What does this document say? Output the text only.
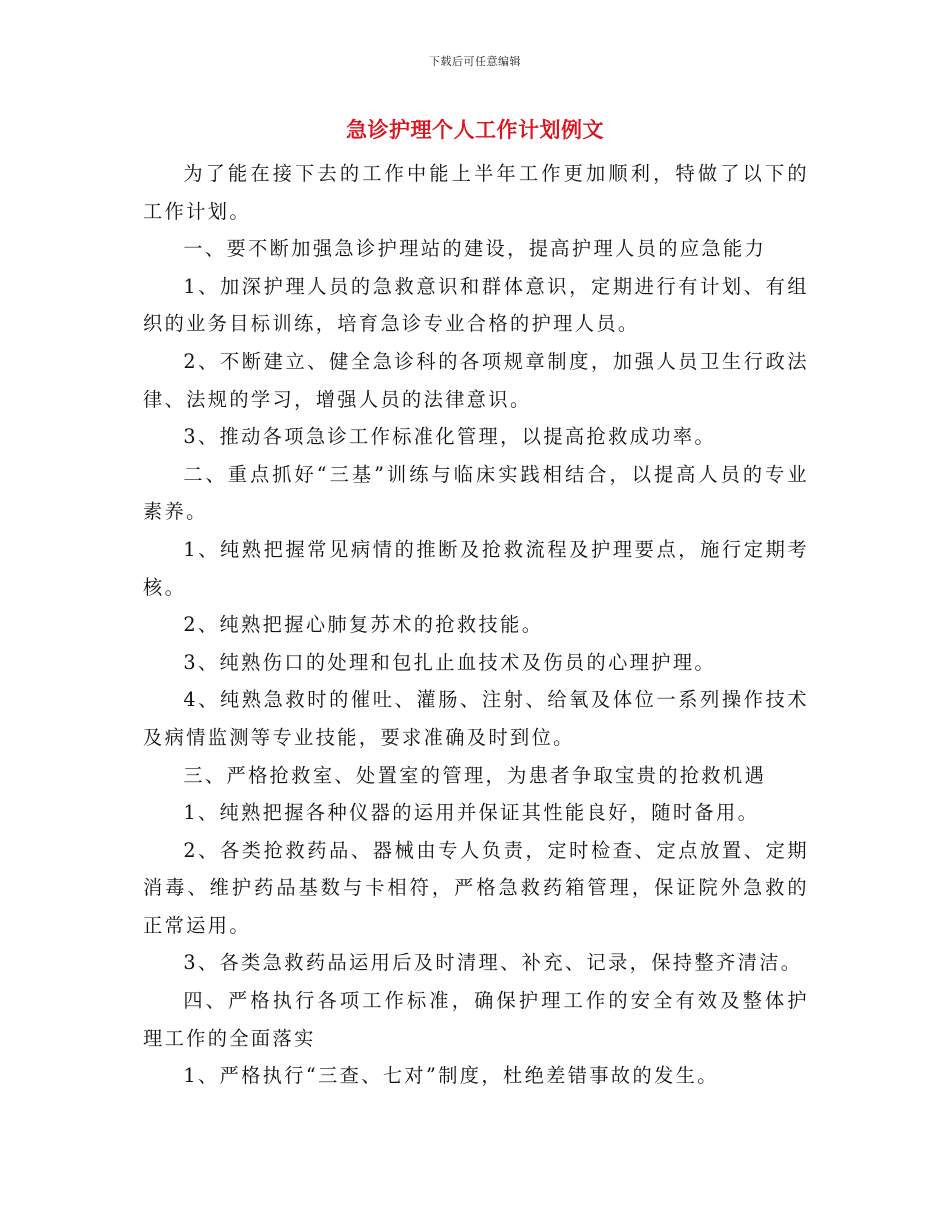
下载后可任意编辑
急诊护理个人工作计划例文

为了能在接下去的工作中能上半年工作更加顺利，特做了以下的工作计划。

一、要不断加强急诊护理站的建设，提高护理人员的应急能力

1、加深护理人员的急救意识和群体意识，定期进行有计划、有组织的业务目标训练，培育急诊专业合格的护理人员。

2、不断建立、健全急诊科的各项规章制度，加强人员卫生行政法律、法规的学习，增强人员的法律意识。

3、推动各项急诊工作标准化管理，以提高抢救成功率。

二、重点抓好“三基”训练与临床实践相结合，以提高人员的专业素养。

1、纯熟把握常见病情的推断及抢救流程及护理要点，施行定期考核。

2、纯熟把握心肺复苏术的抢救技能。

3、纯熟伤口的处理和包扎止血技术及伤员的心理护理。

4、纯熟急救时的催吐、灌肠、注射、给氧及体位一系列操作技术及病情监测等专业技能，要求准确及时到位。

三、严格抢救室、处置室的管理，为患者争取宝贵的抢救机遇

1、纯熟把握各种仪器的运用并保证其性能良好，随时备用。

2、各类抢救药品、器械由专人负责，定时检查、定点放置、定期消毒、维护药品基数与卡相符，严格急救药箱管理，保证院外急救的正常运用。

3、各类急救药品运用后及时清理、补充、记录，保持整齐清洁。

四、严格执行各项工作标准，确保护理工作的安全有效及整体护理工作的全面落实

1、严格执行“三查、七对”制度，杜绝差错事故的发生。
